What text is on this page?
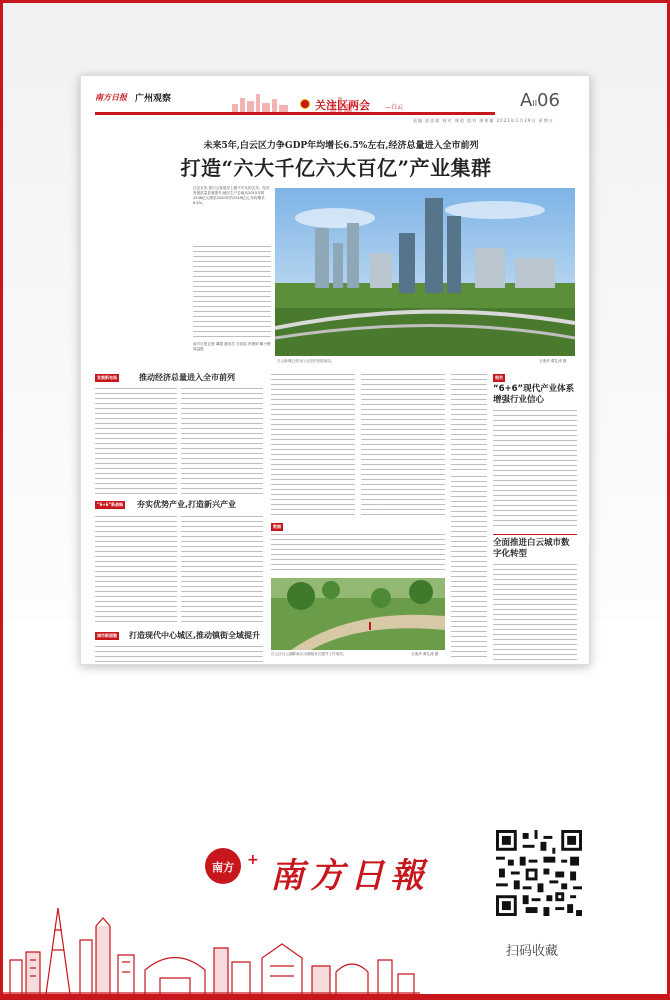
南方日报 广州观察	关注区两会	—白云	AII06
责编 彭思霖 校对 康道 组对 康伟雄 2021年1月29日 星期五
未来5年,白云区力争GDP年均增长6.5%左右,经济总量进入全市前列
打造“六大千亿六大百亿”产业集群
过去五年,是白云发展史上极不平凡的五年。经济发展质量显著提升,地区生产总值从2015年的1538亿元增至2020年的2249亿元,年均增长6.4%。
南方日报记者 谭超 通讯员 石钊铭 肖惠婷 隋小俊 周益胜
白云新城已成为白云经济发展前沿。	石迪华 谭礼涛 摄
发展新布局	推动经济总量进入全市前列
“6+6”新战略 夯实优势产业,打造新兴产业
城市新面貌 打造现代中心城区,推动镇街全域提升
数据
白云区白云湖畔新区出境服务区提升工作成效。	石迪华 谭礼涛 摄
相关
“6+6”现代产业体系增强行业信心
全面推进白云城市数字化转型
南方 + 南方日報
扫码收藏
